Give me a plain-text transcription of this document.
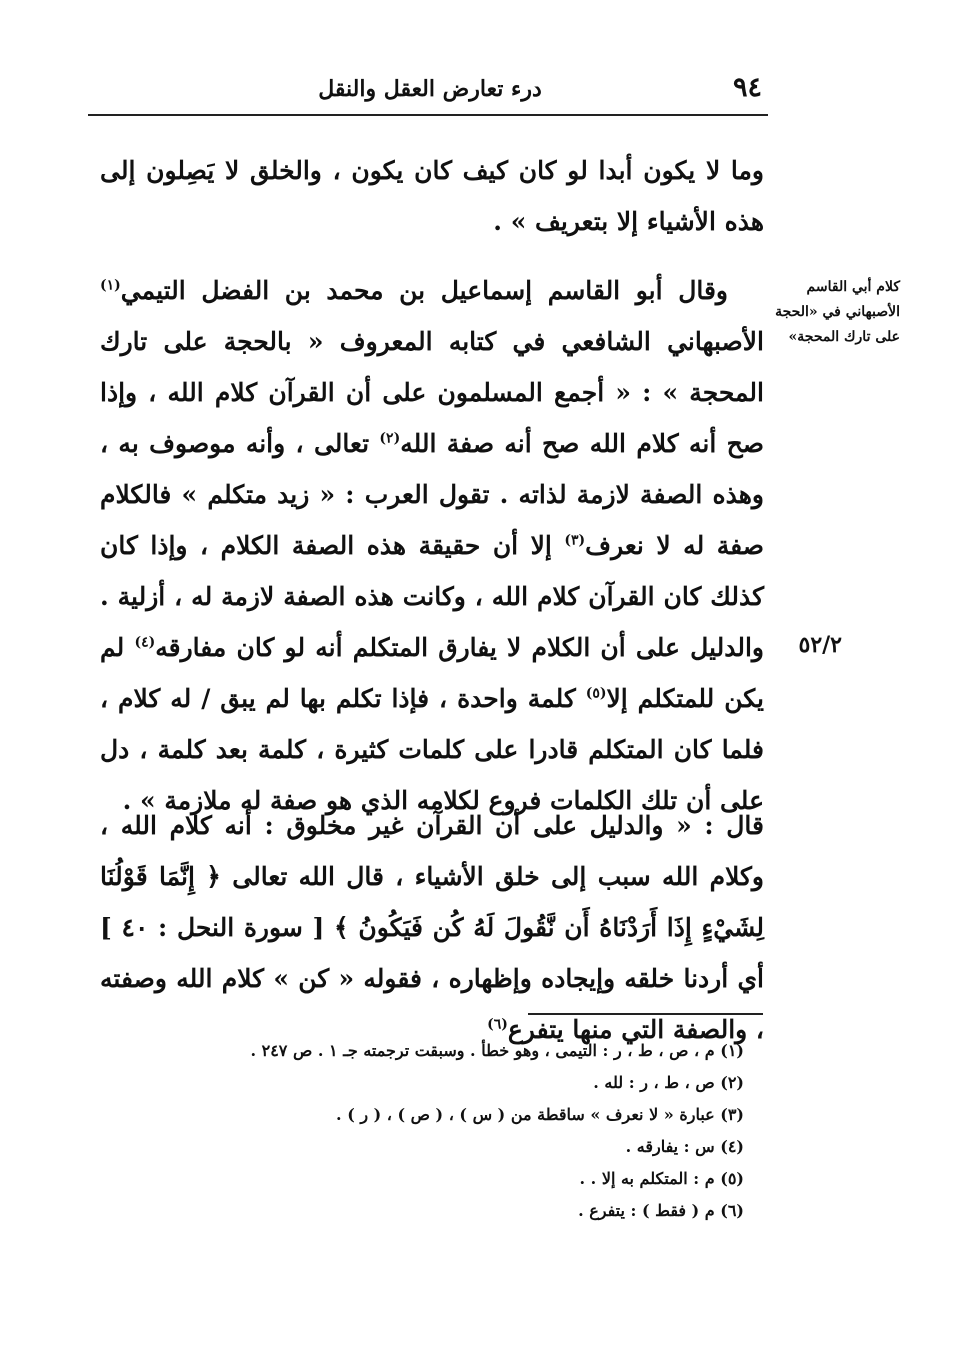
٩٤
درء تعارض العقل والنقل
كلام أبي القاسم الأصبهاني في «الحجة على تارك المحجة»
٥٢/٢

وما لا يكون أبدا لو كان كيف كان يكون ، والخلق لا يَصِلون إلى هذه الأشياء إلا بتعريف » .

وقال أبو القاسم إسماعيل بن محمد بن الفضل التيمي$^{(١)}$ الأصبهاني الشافعي في كتابه المعروف « بالحجة على تارك المحجة » : « أجمع المسلمون على أن القرآن كلام الله ، وإذا صح أنه كلام الله صح أنه صفة الله$^{(٢)}$ تعالى ، وأنه موصوف به ، وهذه الصفة لازمة لذاته . تقول العرب : « زيد متكلم » فالكلام صفة له لا نعرف$^{(٣)}$ إلا أن حقيقة هذه الصفة الكلام ، وإذا كان كذلك كان القرآن كلام الله ، وكانت هذه الصفة لازمة له ، أزلية . والدليل على أن الكلام لا يفارق المتكلم أنه لو كان مفارقه$^{(٤)}$ لم يكن للمتكلم إلا$^{(٥)}$ كلمة واحدة ، فإذا تكلم بها لم يبق / له كلام ، فلما كان المتكلم قادرا على كلمات كثيرة ، كلمة بعد كلمة ، دل على أن تلك الكلمات فروع لكلامه الذي هو صفة له ملازمة » .

قال : « والدليل على أن القرآن غير مخلوق : أنه كلام الله ، وكلام الله سبب إلى خلق الأشياء ، قال الله تعالى ﴿ إِنَّمَا قَوْلُنَا لِشَيْءٍ إِذَا أَرَدْنَاهُ أَن نَّقُولَ لَهُ كُن فَيَكُونُ ﴾ [ سورة النحل : ٤٠ ] أي أردنا خلقه وإيجاده وإظهاره ، فقوله « كن » كلام الله وصفته ، والصفة التي منها يتفرع$^{(٦)}$

(١) م ، ص ، ط ، ر : التيمى ، وهو خطأ . وسبقت ترجمته جـ ١ . ص ٢٤٧ .
(٢) ص ، ط ، ر : لله .
(٣) عبارة « لا نعرف » ساقطة من ( س ) ، ( ص ) ، ( ر ) .
(٤) س : يفارقه .
(٥) م : المتكلم به إلا . .
(٦) م ( فقط ) : يتفرع .
